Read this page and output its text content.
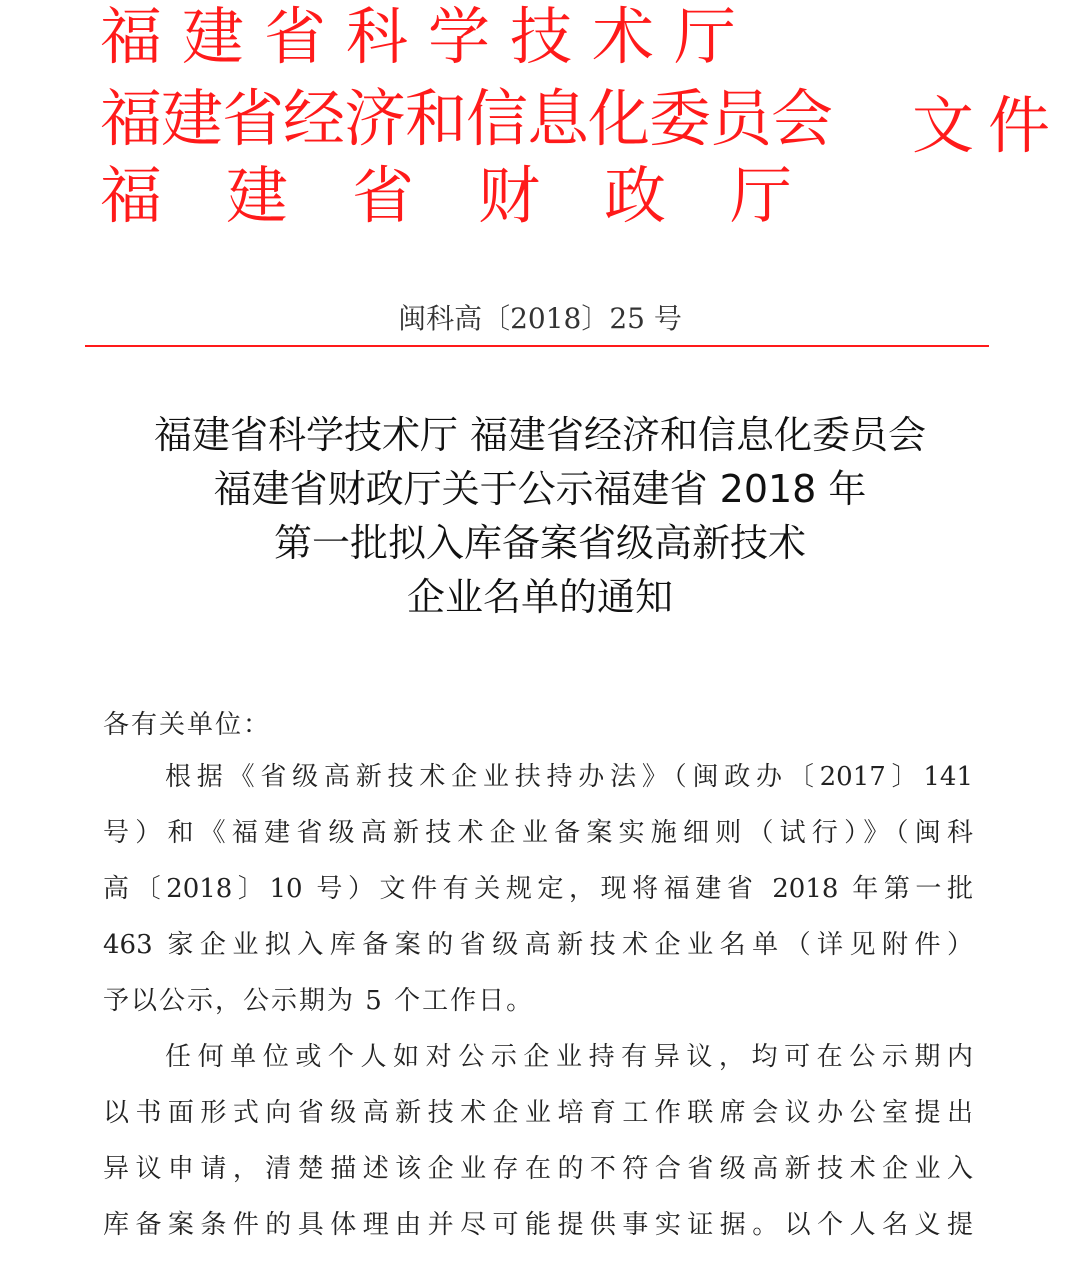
福建省科学技术厅
福建省经济和信息化委员会
福建省财政厅
文件
闽科高〔2018〕25 号
福建省科学技术厅 福建省经济和信息化委员会
福建省财政厅关于公示福建省 2018 年
第一批拟入库备案省级高新技术
企业名单的通知
各有关单位：
根据《省级高新技术企业扶持办法》（闽政办〔2017〕141
号）和《福建省级高新技术企业备案实施细则（试行）》（闽科
高〔2018〕10 号）文件有关规定，现将福建省 2018 年第一批
463 家企业拟入库备案的省级高新技术企业名单（详见附件）
予以公示，公示期为 5 个工作日。
任何单位或个人如对公示企业持有异议，均可在公示期内
以书面形式向省级高新技术企业培育工作联席会议办公室提出
异议申请，清楚描述该企业存在的不符合省级高新技术企业入
库备案条件的具体理由并尽可能提供事实证据。以个人名义提
